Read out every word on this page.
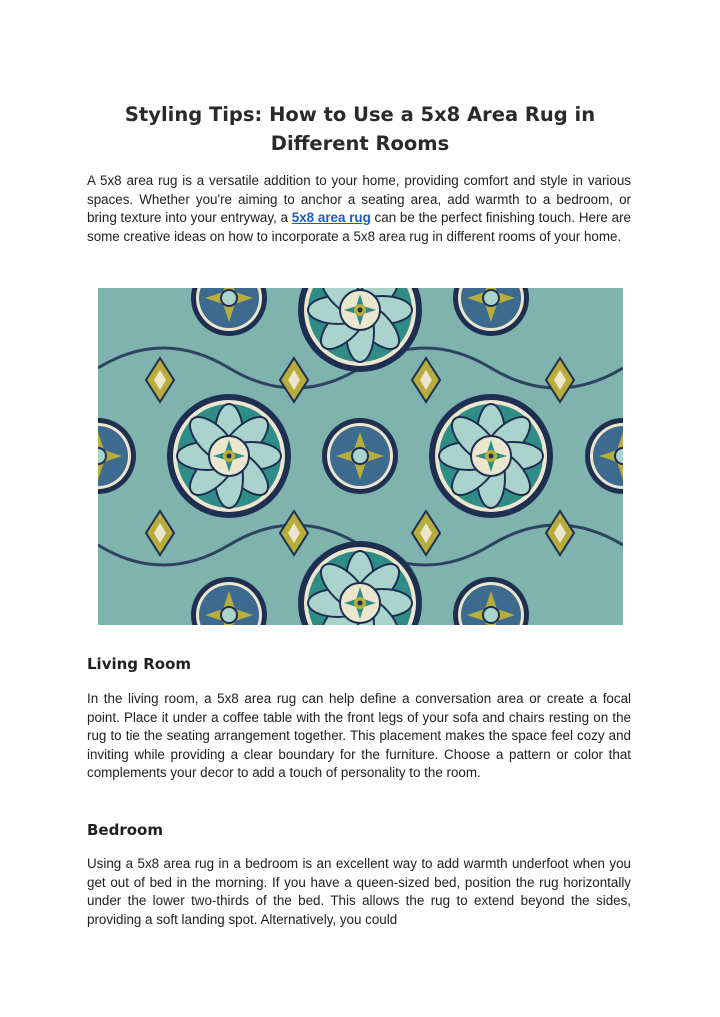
Styling Tips: How to Use a 5x8 Area Rug in Different Rooms

A 5x8 area rug is a versatile addition to your home, providing comfort and style in various spaces. Whether you're aiming to anchor a seating area, add warmth to a bedroom, or bring texture into your entryway, a 5x8 area rug can be the perfect finishing touch. Here are some creative ideas on how to incorporate a 5x8 area rug in different rooms of your home.

Living Room

In the living room, a 5x8 area rug can help define a conversation area or create a focal point. Place it under a coffee table with the front legs of your sofa and chairs resting on the rug to tie the seating arrangement together. This placement makes the space feel cozy and inviting while providing a clear boundary for the furniture. Choose a pattern or color that complements your decor to add a touch of personality to the room.

Bedroom

Using a 5x8 area rug in a bedroom is an excellent way to add warmth underfoot when you get out of bed in the morning. If you have a queen-sized bed, position the rug horizontally under the lower two-thirds of the bed. This allows the rug to extend beyond the sides, providing a soft landing spot. Alternatively, you could
